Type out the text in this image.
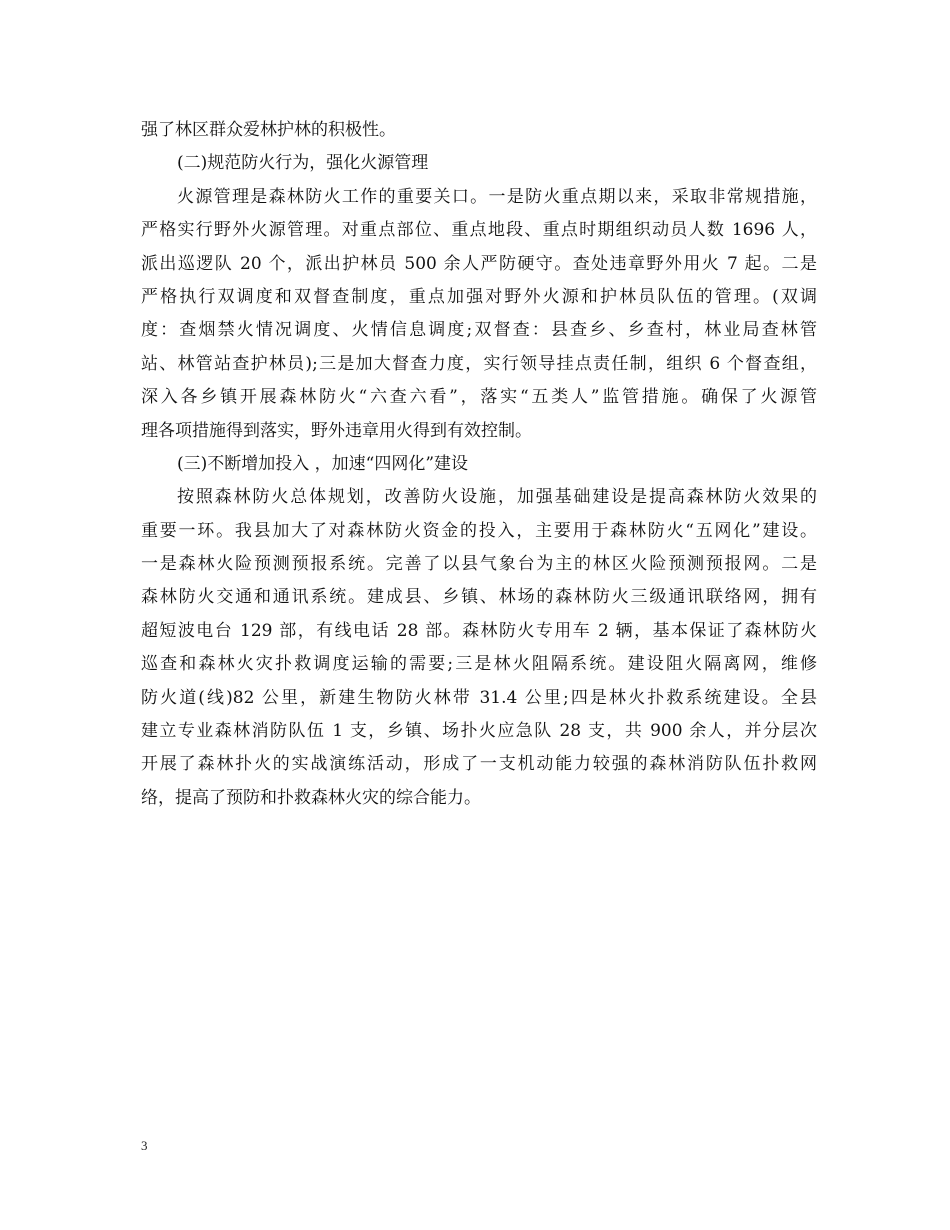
强了林区群众爱林护林的积极性。
(二)规范防火行为，强化火源管理
火源管理是森林防火工作的重要关口。一是防火重点期以来，采取非常规措施，
严格实行野外火源管理。对重点部位、重点地段、重点时期组织动员人数 1696 人，
派出巡逻队 20 个，派出护林员 500 余人严防硬守。查处违章野外用火 7 起。二是
严格执行双调度和双督查制度，重点加强对野外火源和护林员队伍的管理。(双调
度：查烟禁火情况调度、火情信息调度;双督查：县查乡、乡查村，林业局查林管
站、林管站查护林员);三是加大督查力度，实行领导挂点责任制，组织 6 个督查组，
深入各乡镇开展森林防火“六查六看”，落实“五类人”监管措施。确保了火源管
理各项措施得到落实，野外违章用火得到有效控制。
(三)不断增加投入 ，加速“四网化”建设
按照森林防火总体规划，改善防火设施，加强基础建设是提高森林防火效果的
重要一环。我县加大了对森林防火资金的投入，主要用于森林防火“五网化”建设。
一是森林火险预测预报系统。完善了以县气象台为主的林区火险预测预报网。二是
森林防火交通和通讯系统。建成县、乡镇、林场的森林防火三级通讯联络网，拥有
超短波电台 129 部，有线电话 28 部。森林防火专用车 2 辆，基本保证了森林防火
巡查和森林火灾扑救调度运输的需要;三是林火阻隔系统。建设阻火隔离网，维修
防火道(线)82 公里，新建生物防火林带 31.4 公里;四是林火扑救系统建设。全县
建立专业森林消防队伍 1 支，乡镇、场扑火应急队 28 支，共 900 余人，并分层次
开展了森林扑火的实战演练活动，形成了一支机动能力较强的森林消防队伍扑救网
络，提高了预防和扑救森林火灾的综合能力。
3
